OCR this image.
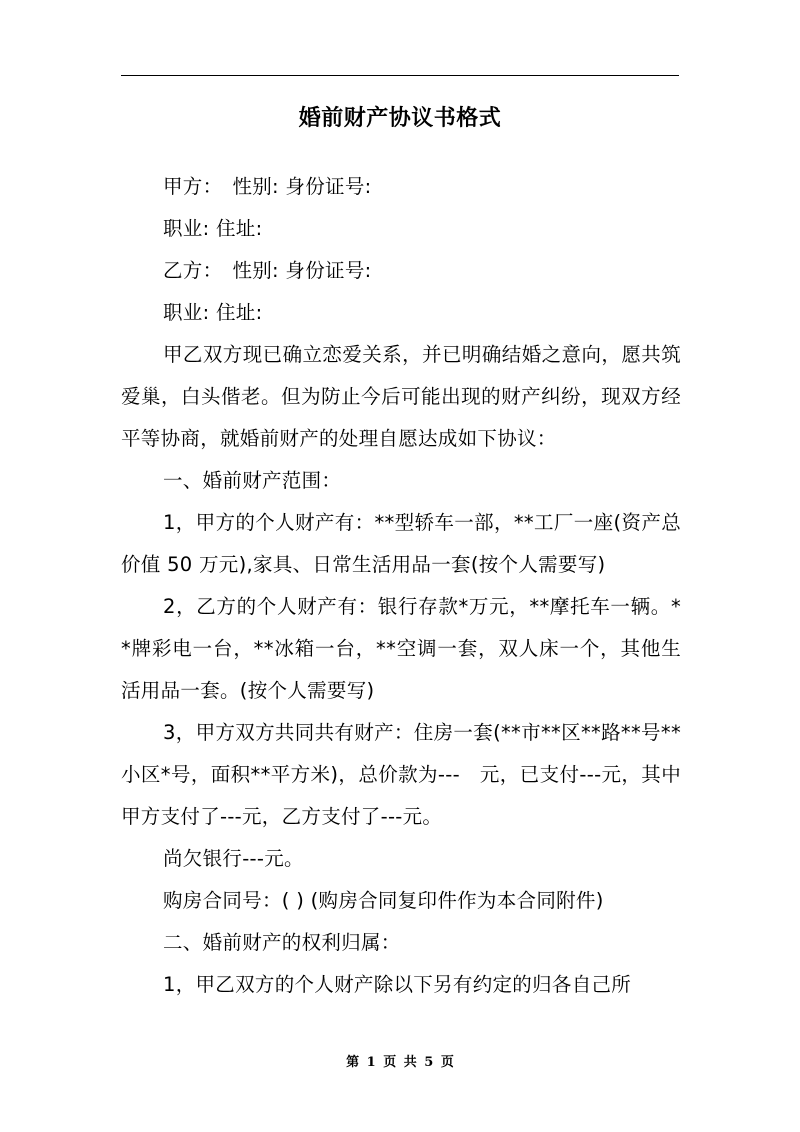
婚前财产协议书格式

甲方：　性别: 身份证号:

职业: 住址:

乙方：　性别: 身份证号:

职业: 住址:

甲乙双方现已确立恋爱关系，并已明确结婚之意向，愿共筑爱巢，白头偕老。但为防止今后可能出现的财产纠纷，现双方经平等协商，就婚前财产的处理自愿达成如下协议：

一、婚前财产范围：

1，甲方的个人财产有：**型轿车一部，**工厂一座(资产总价值 50 万元),家具、日常生活用品一套(按个人需要写)

2，乙方的个人财产有：银行存款*万元，**摩托车一辆。**牌彩电一台，**冰箱一台，**空调一套，双人床一个，其他生活用品一套。(按个人需要写)

3，甲方双方共同共有财产：住房一套(**市**区**路**号**小区*号，面积**平方米)，总价款为---　元，已支付---元，其中甲方支付了---元，乙方支付了---元。

尚欠银行---元。

购房合同号：( ) (购房合同复印件作为本合同附件)

二、婚前财产的权利归属：

1，甲乙双方的个人财产除以下另有约定的归各自己所

第 1 页 共 5 页
